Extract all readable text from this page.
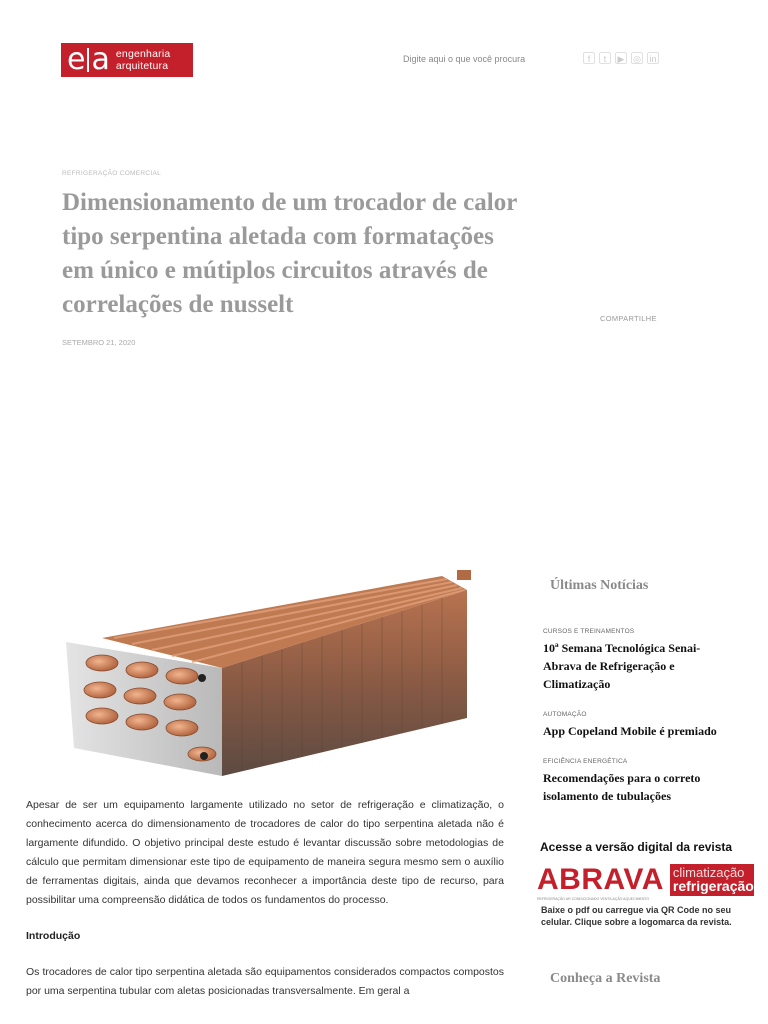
e a engenharia
arquitetura
Digite aqui o que você procura	f	t	▶ ◎ in
REFRIGERAÇÃO COMERCIAL
Dimensionamento de um trocador de calor tipo serpentina aletada com formatações em único e mútiplos circuitos através de correlações de nusselt
COMPARTILHE
SETEMBRO 21, 2020

Apesar de ser um equipamento largamente utilizado no setor de refrigeração e climatização, o conhecimento acerca do dimensionamento de trocadores de calor do tipo serpentina aletada não é largamente difundido. O objetivo principal deste estudo é levantar discussão sobre metodologias de cálculo que permitam dimensionar este tipo de equipamento de maneira segura mesmo sem o auxílio de ferramentas digitais, ainda que devamos reconhecer a importância deste tipo de recurso, para possibilitar uma compreensão didática de todos os fundamentos do processo.

Introdução

Os trocadores de calor tipo serpentina aletada são equipamentos considerados compactos compostos por uma serpentina tubular com aletas posicionadas transversalmente. Em geral a

Últimas Notícias
CURSOS E TREINAMENTOS
10ª Semana Tecnológica Senai-Abrava de Refrigeração e Climatização
AUTOMAÇÃO
App Copeland Mobile é premiado
EFICIÊNCIA ENERGÉTICA
Recomendações para o correto isolamento de tubulações
Acesse a versão digital da revista
ABRAVA
REFRIGERAÇÃO AR CONDICIONADO VENTILAÇÃO AQUECIMENTO
climatização
refrigeração
Baixe o pdf ou carregue via QR Code no seu celular. Clique sobre a logomarca da revista.
Conheça a Revista
